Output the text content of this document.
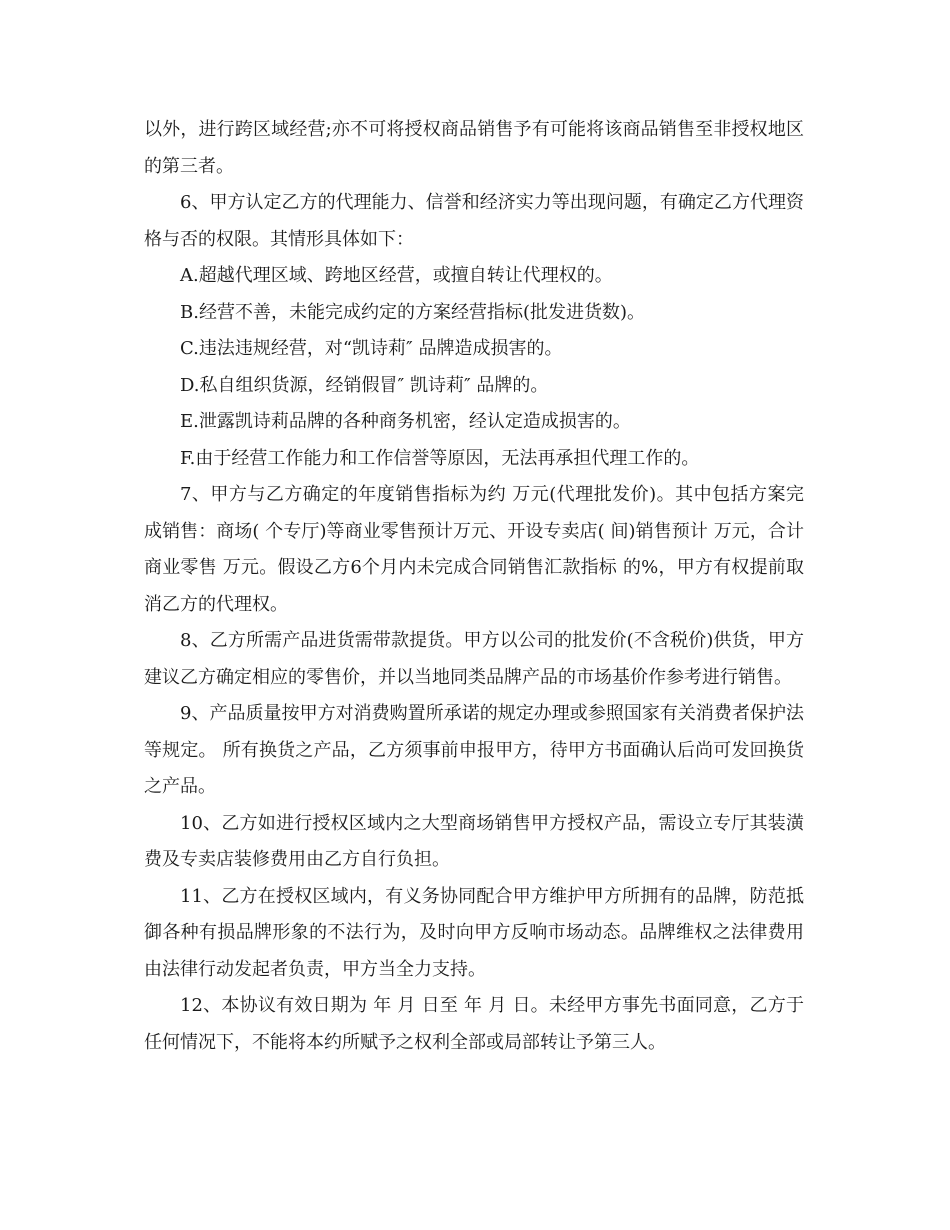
以外，进行跨区域经营;亦不可将授权商品销售予有可能将该商品销售至非授权地区的第三者。

6、甲方认定乙方的代理能力、信誉和经济实力等出现问题，有确定乙方代理资格与否的权限。其情形具体如下：

A.超越代理区域、跨地区经营，或擅自转让代理权的。

B.经营不善，未能完成约定的方案经营指标(批发进货数)。

C.违法违规经营，对“凯诗莉″ 品牌造成损害的。

D.私自组织货源，经销假冒″ 凯诗莉″ 品牌的。

E.泄露凯诗莉品牌的各种商务机密，经认定造成损害的。

F.由于经营工作能力和工作信誉等原因，无法再承担代理工作的。

7、甲方与乙方确定的年度销售指标为约 万元(代理批发价)。其中包括方案完成销售：商场( 个专厅)等商业零售预计万元、开设专卖店( 间)销售预计 万元，合计商业零售 万元。假设乙方6个月内未完成合同销售汇款指标 的%，甲方有权提前取消乙方的代理权。

8、乙方所需产品进货需带款提货。甲方以公司的批发价(不含税价)供货，甲方建议乙方确定相应的零售价，并以当地同类品牌产品的市场基价作参考进行销售。

9、产品质量按甲方对消费购置所承诺的规定办理或参照国家有关消费者保护法等规定。 所有换货之产品，乙方须事前申报甲方，待甲方书面确认后尚可发回换货之产品。

10、乙方如进行授权区域内之大型商场销售甲方授权产品，需设立专厅其装潢费及专卖店装修费用由乙方自行负担。

11、乙方在授权区域内，有义务协同配合甲方维护甲方所拥有的品牌，防范抵御各种有损品牌形象的不法行为，及时向甲方反响市场动态。品牌维权之法律费用由法律行动发起者负责，甲方当全力支持。

12、本协议有效日期为 年 月 日至 年 月 日。未经甲方事先书面同意，乙方于任何情况下，不能将本约所赋予之权利全部或局部转让予第三人。
